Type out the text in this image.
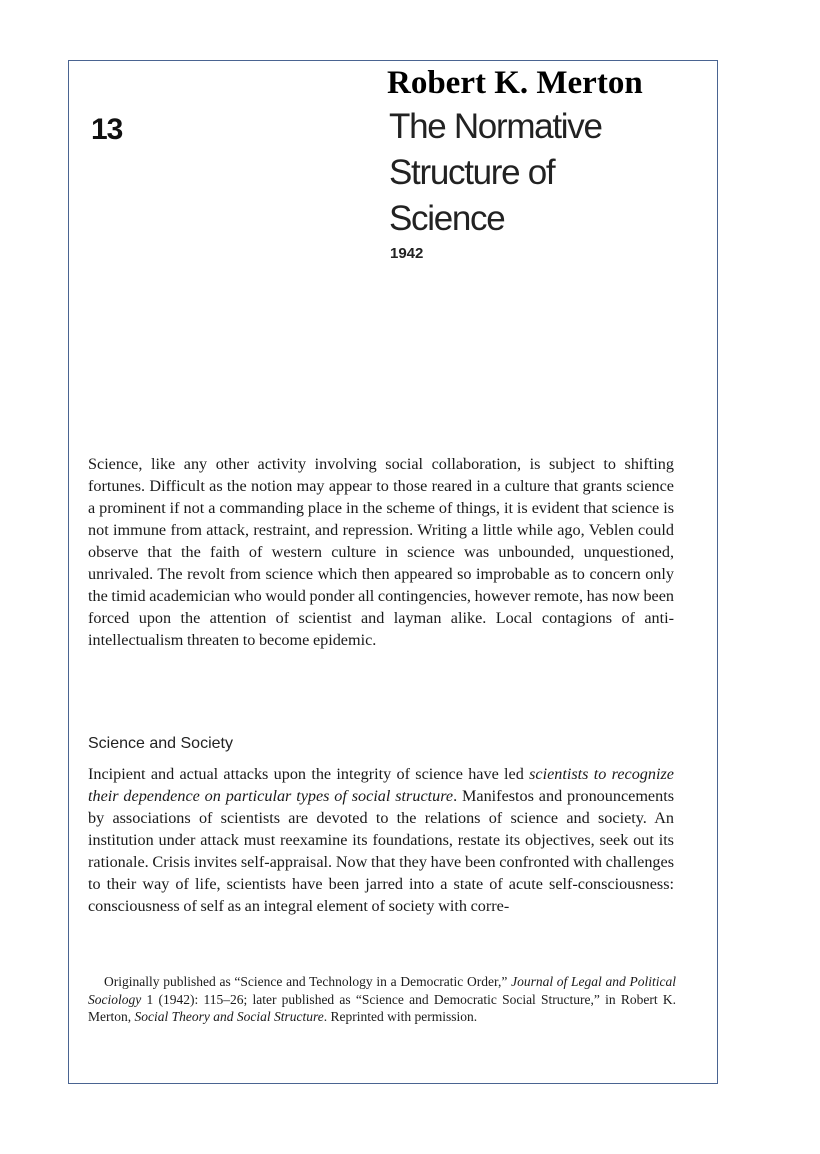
13
Robert K. Merton
The Normative
Structure of
Science
1942

Science, like any other activity involving social collaboration, is subject to shifting fortunes. Difficult as the notion may appear to those reared in a culture that grants science a prominent if not a commanding place in the scheme of things, it is evident that science is not immune from attack, restraint, and repression. Writing a little while ago, Veblen could observe that the faith of western culture in science was unbounded, unquestioned, unrivaled. The revolt from science which then appeared so improbable as to concern only the timid academician who would ponder all contingencies, however remote, has now been forced upon the attention of scientist and layman alike. Local contagions of anti-intellectualism threaten to become epidemic.

Science and Society

Incipient and actual attacks upon the integrity of science have led scientists to recognize their dependence on particular types of social structure. Manifestos and pronouncements by associations of scientists are devoted to the relations of science and society. An institution under attack must reexamine its foundations, restate its objectives, seek out its rationale. Crisis invites self-appraisal. Now that they have been confronted with challenges to their way of life, scientists have been jarred into a state of acute self-consciousness: consciousness of self as an integral element of society with corre-

Originally published as “Science and Technology in a Democratic Order,” Journal of Legal and Political Sociology 1 (1942): 115–26; later published as “Science and Democratic Social Structure,” in Robert K. Merton, Social Theory and Social Structure. Reprinted with permission.
